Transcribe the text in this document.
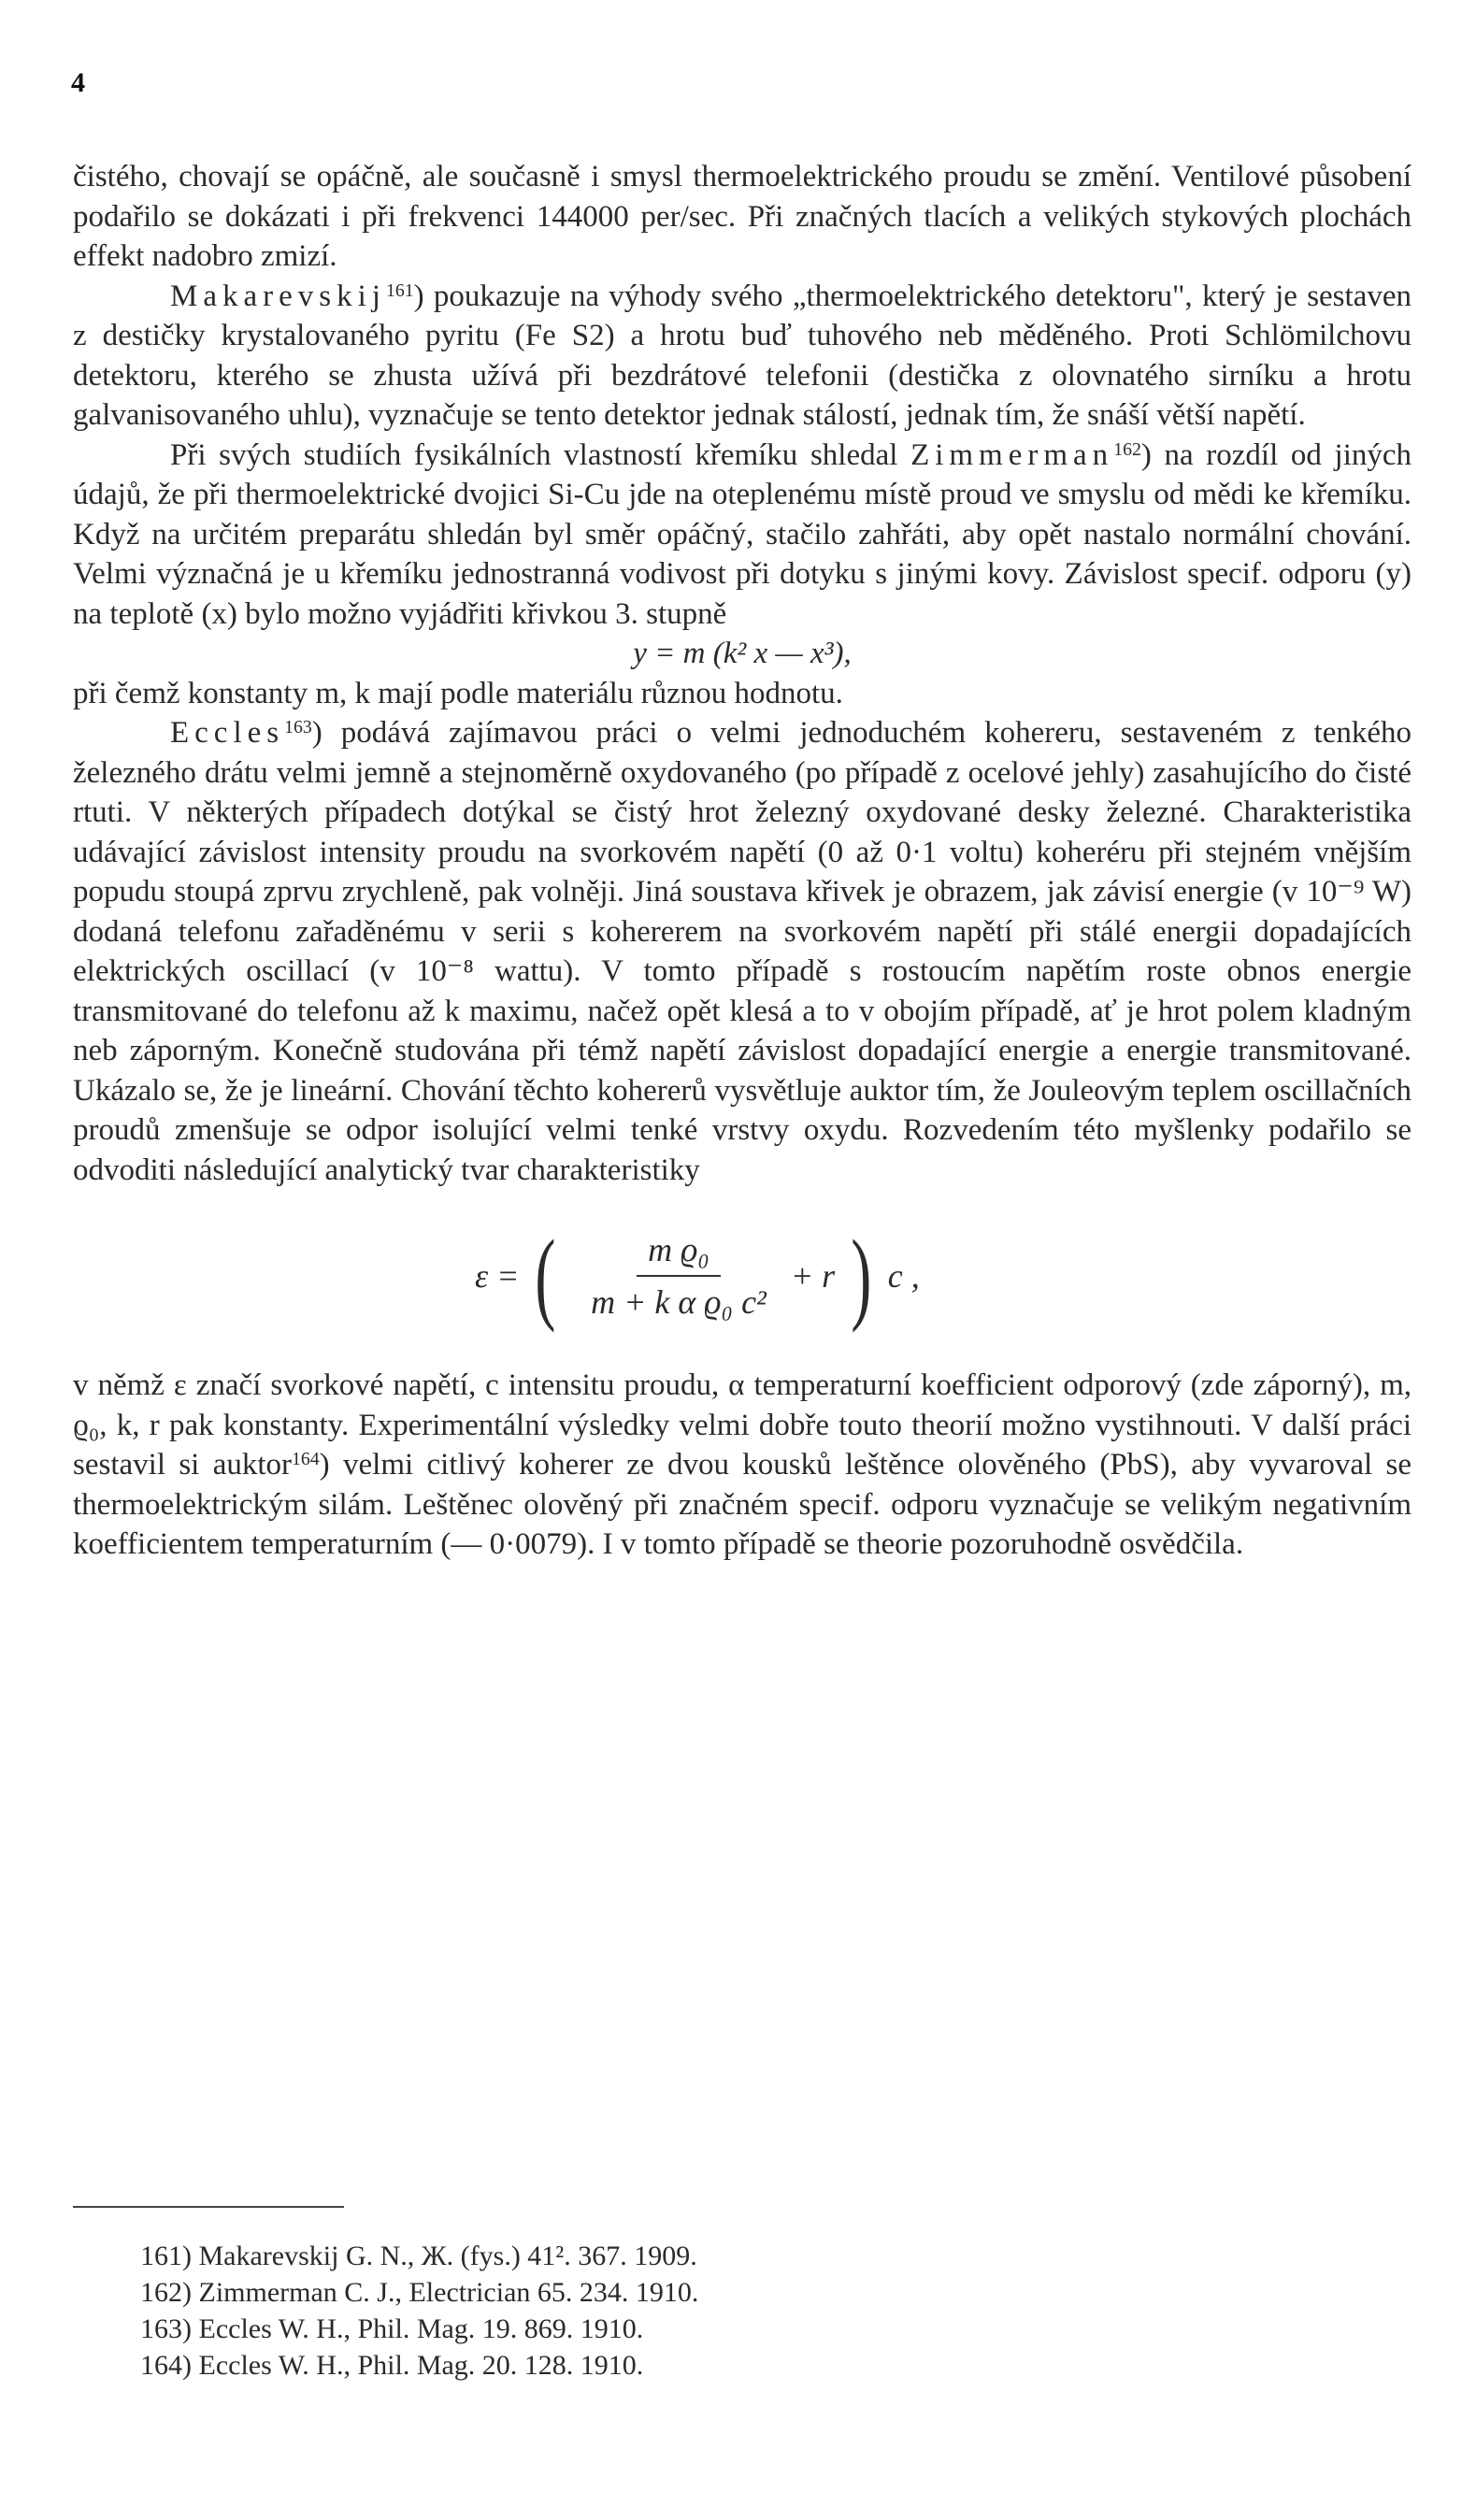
4

čistého, chovají se opáčně, ale současně i smysl thermoelektrického proudu se změní. Ventilové působení podařilo se dokázati i při frekvenci 144000 per/sec. Při značných tlacích a velikých stykových plochách effekt nadobro zmizí.

Makarevskij$^{161}$) poukazuje na výhody svého „thermoelektrického detektoru", který je sestaven z destičky krystalovaného pyritu (Fe S2) a hrotu buď tuhového neb měděného. Proti Schlömilchovu detektoru, kterého se zhusta užívá při bezdrátové telefonii (destička z olovnatého sirníku a hrotu galvanisovaného uhlu), vyznačuje se tento detektor jednak stálostí, jednak tím, že snáší větší napětí.

Při svých studiích fysikálních vlastností křemíku shledal Zimmerman$^{162}$) na rozdíl od jiných údajů, že při thermoelektrické dvojici Si-Cu jde na oteplenému místě proud ve smyslu od mědi ke křemíku. Když na určitém preparátu shledán byl směr opáčný, stačilo zahřáti, aby opět nastalo normální chování. Velmi význačná je u křemíku jednostranná vodivost při dotyku s jinými kovy. Závislost specif. odporu (y) na teplotě (x) bylo možno vyjádřiti křivkou 3. stupně

y = m (k² x — x³),

při čemž konstanty m, k mají podle materiálu různou hodnotu.

Eccles$^{163}$) podává zajímavou práci o velmi jednoduchém kohereru, sestaveném z tenkého železného drátu velmi jemně a stejnoměrně oxydovaného (po případě z ocelové jehly) zasahujícího do čisté rtuti. V některých případech dotýkal se čistý hrot železný oxydované desky železné. Charakteristika udávající závislost intensity proudu na svorkovém napětí (0 až 0·1 voltu) koheréru při stejném vnějším popudu stoupá zprvu zrychleně, pak volněji. Jiná soustava křivek je obrazem, jak závisí energie (v 10⁻⁹ W) dodaná telefonu zařaděnému v serii s kohererem na svorkovém napětí při stálé energii dopadajících elektrických oscillací (v 10⁻⁸ wattu). V tomto případě s rostoucím napětím roste obnos energie transmitované do telefonu až k maximu, načež opět klesá a to v obojím případě, ať je hrot polem kladným neb záporným. Konečně studována při témž napětí závislost dopadající energie a energie transmitované. Ukázalo se, že je lineární. Chování těchto kohererů vysvětluje auktor tím, že Jouleovým teplem oscillačních proudů zmenšuje se odpor isolující velmi tenké vrstvy oxydu. Rozvedením této myšlenky podařilo se odvoditi následující analytický tvar charakteristiky

ε = ( $\frac{\text{m ϱ₀}}{\text{m + k α ϱ₀ c²}} + r$ ) c ,

v němž ε značí svorkové napětí, c intensitu proudu, α temperaturní koefficient odporový (zde záporný), m, ϱ₀, k, r pak konstanty. Experimentální výsledky velmi dobře touto theorií možno vystihnouti. V další práci sestavil si auktor$^{164}$) velmi citlivý koherer ze dvou kousků leštěnce olověného (PbS), aby vyvaroval se thermoelektrickým silám. Leštěnec olověný při značném specif. odporu vyznačuje se velikým negativním koefficientem temperaturním (— 0·0079). I v tomto případě se theorie pozoruhodně osvědčila.

161) Makarevskij G. N., Ж. (fys.) 41². 367. 1909.

162) Zimmerman C. J., Electrician 65. 234. 1910.

163) Eccles W. H., Phil. Mag. 19. 869. 1910.

164) Eccles W. H., Phil. Mag. 20. 128. 1910.
